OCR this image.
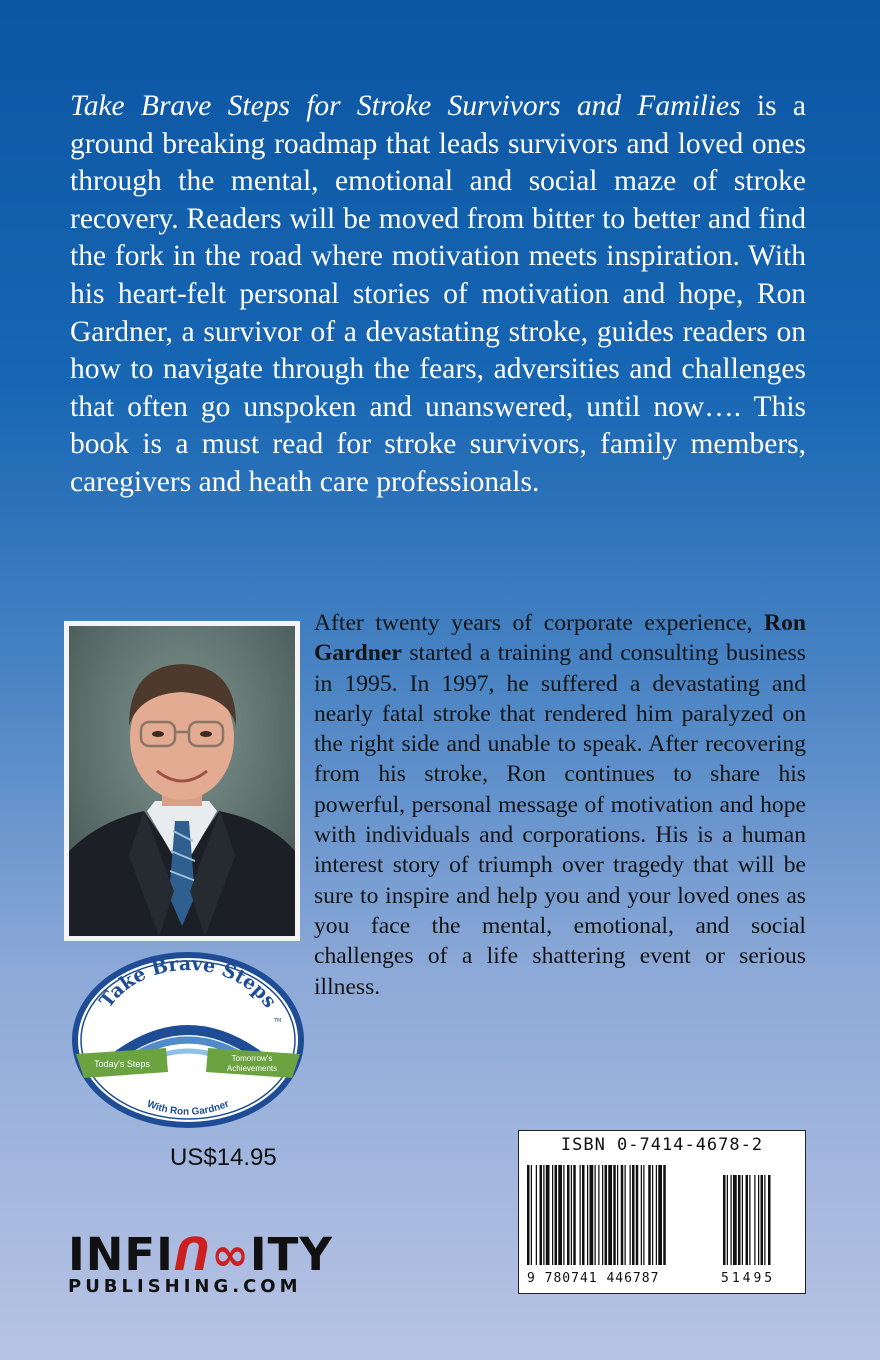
Take Brave Steps for Stroke Survivors and Families is a ground breaking roadmap that leads survivors and loved ones through the mental, emotional and social maze of stroke recovery. Readers will be moved from bitter to better and find the fork in the road where motivation meets inspiration. With his heart-felt personal stories of motivation and hope, Ron Gardner, a survivor of a devastating stroke, guides readers on how to navigate through the fears, adversities and challenges that often go unspoken and unanswered, until now…. This book is a must read for stroke survivors, family members, caregivers and heath care professionals.
After twenty years of corporate experience, Ron Gardner started a training and consulting business in 1995. In 1997, he suffered a devastating and nearly fatal stroke that rendered him paralyzed on the right side and unable to speak. After recovering from his stroke, Ron continues to share his powerful, personal message of motivation and hope with individuals and corporations. His is a human interest story of triumph over tragedy that will be sure to inspire and help you and your loved ones as you face the mental, emotional, and social challenges of a life shattering event or serious illness.
Take Brave Steps
TM
Today's Steps
Tomorrow's
Achievements
With Ron Gardner
US$14.95	ISBN 0-7414-4678-2
9 780741 446787	51495
INFIᑎ∞ITY
PUBLISHING.COM
